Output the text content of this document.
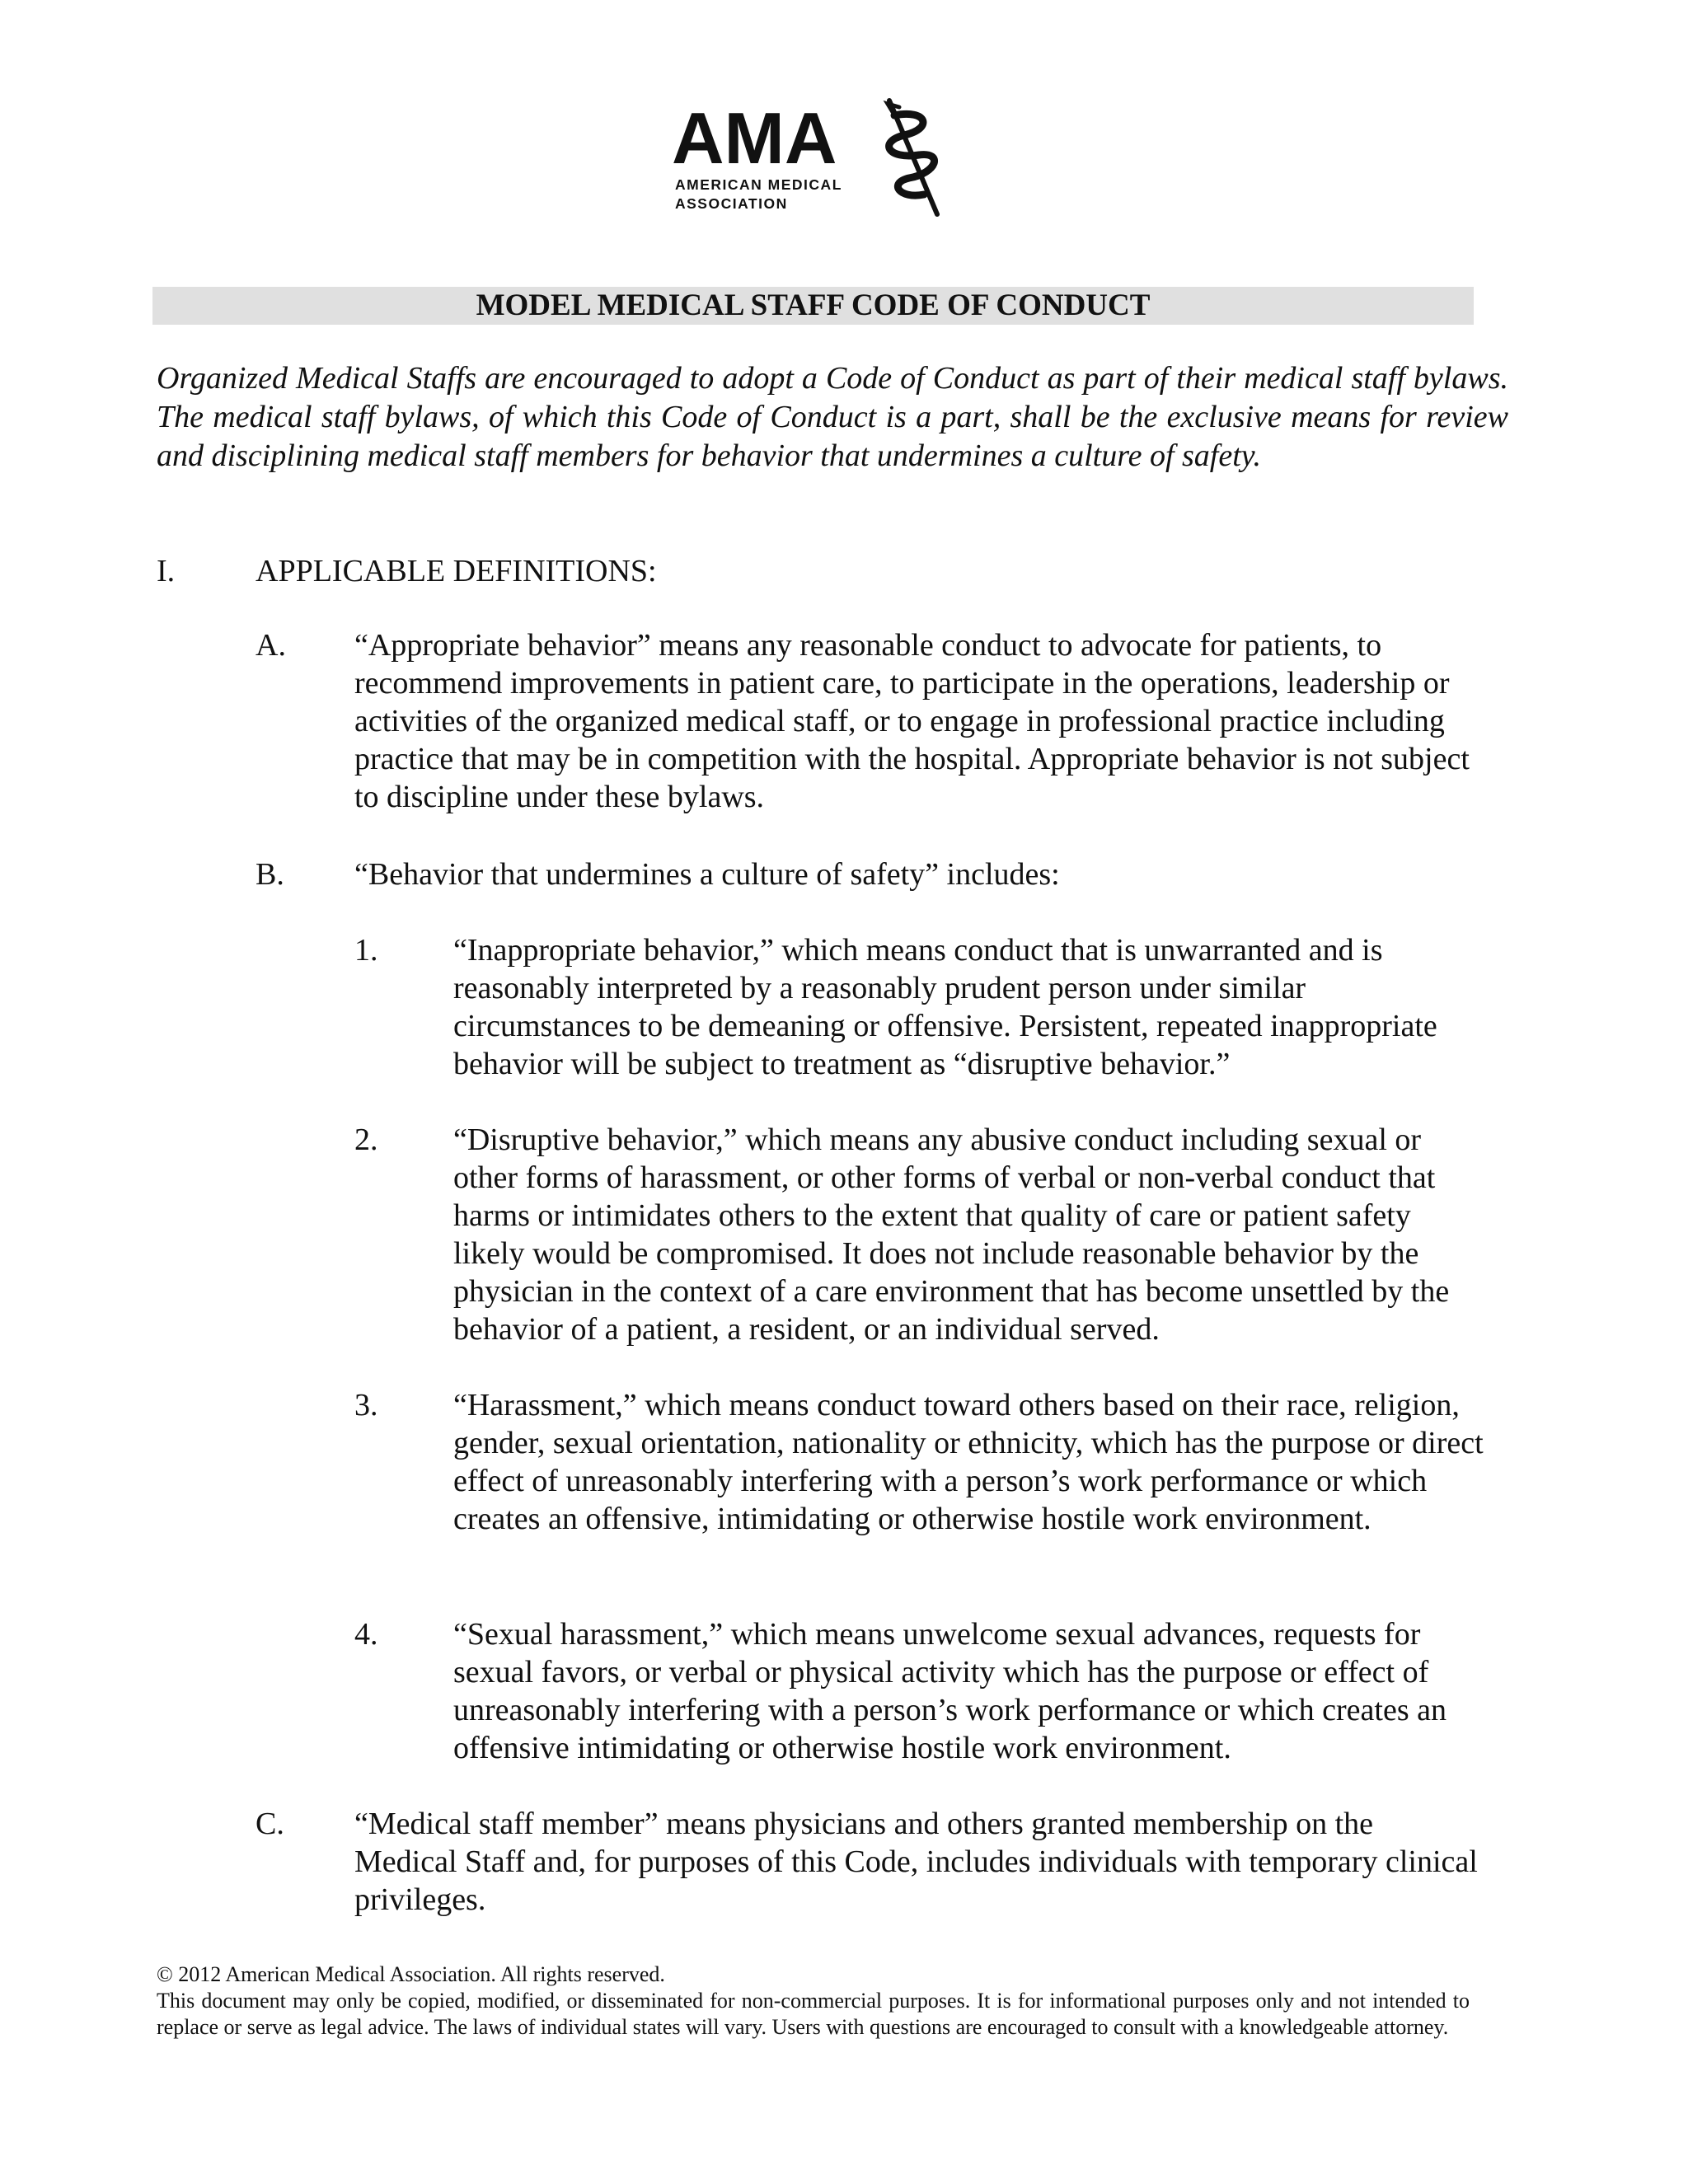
AMA
AMERICAN MEDICAL
ASSOCIATION
MODEL MEDICAL STAFF CODE OF CONDUCT
Organized Medical Staffs are encouraged to adopt a Code of Conduct as part of their medical staff bylaws. The medical staff bylaws, of which this Code of Conduct is a part, shall be the exclusive means for review and disciplining medical staff members for behavior that undermines a culture of safety.
I.	APPLICABLE DEFINITIONS:
A. “Appropriate behavior” means any reasonable conduct to advocate for patients, to recommend improvements in patient care, to participate in the operations, leadership or activities of the organized medical staff, or to engage in professional practice including practice that may be in competition with the hospital. Appropriate behavior is not subject to discipline under these bylaws.
B. “Behavior that undermines a culture of safety” includes:
1. “Inappropriate behavior,” which means conduct that is unwarranted and is reasonably interpreted by a reasonably prudent person under similar circumstances to be demeaning or offensive. Persistent, repeated inappropriate behavior will be subject to treatment as “disruptive behavior.”
2. “Disruptive behavior,” which means any abusive conduct including sexual or other forms of harassment, or other forms of verbal or non-verbal conduct that harms or intimidates others to the extent that quality of care or patient safety likely would be compromised. It does not include reasonable behavior by the physician in the context of a care environment that has become unsettled by the behavior of a patient, a resident, or an individual served.
3. “Harassment,” which means conduct toward others based on their race, religion, gender, sexual orientation, nationality or ethnicity, which has the purpose or direct effect of unreasonably interfering with a person’s work performance or which creates an offensive, intimidating or otherwise hostile work environment.
4. “Sexual harassment,” which means unwelcome sexual advances, requests for sexual favors, or verbal or physical activity which has the purpose or effect of unreasonably interfering with a person’s work performance or which creates an offensive intimidating or otherwise hostile work environment.
C. “Medical staff member” means physicians and others granted membership on the Medical Staff and, for purposes of this Code, includes individuals with temporary clinical privileges.
© 2012 American Medical Association. All rights reserved.
This document may only be copied, modified, or disseminated for non-commercial purposes. It is for informational purposes only and not intended to replace or serve as legal advice. The laws of individual states will vary. Users with questions are encouraged to consult with a knowledgeable attorney.
